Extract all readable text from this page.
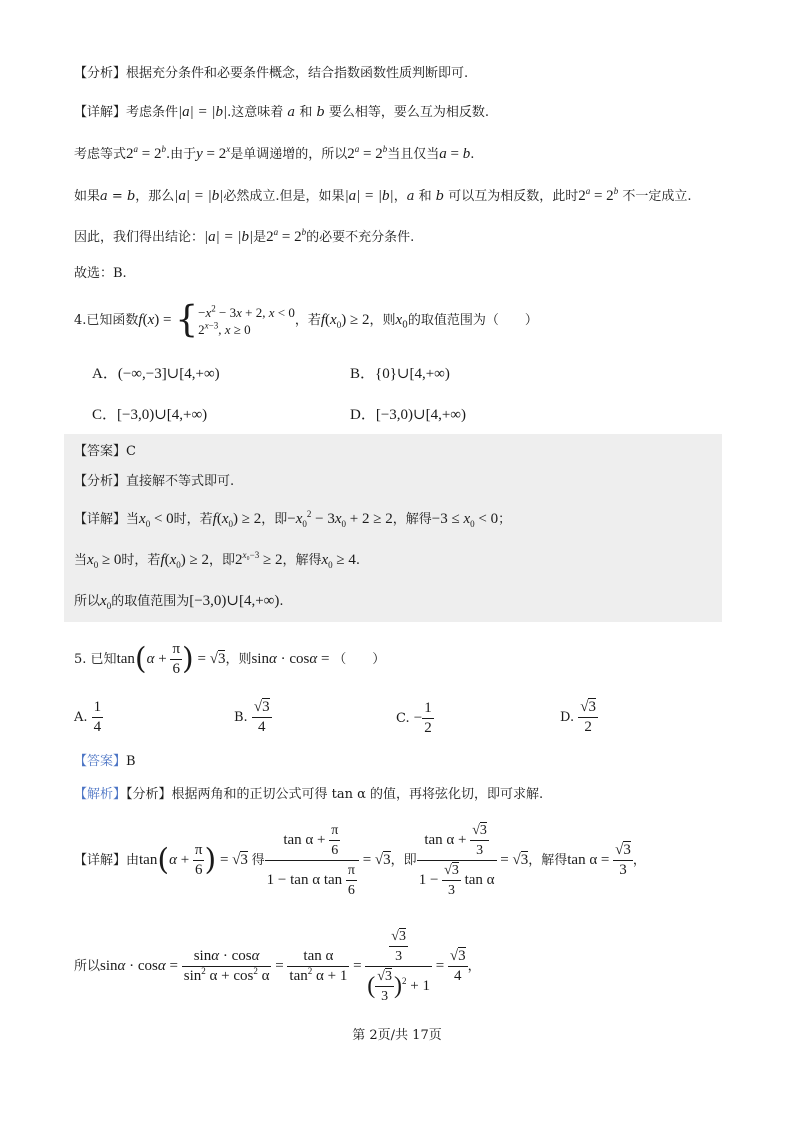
【分析】根据充分条件和必要条件概念，结合指数函数性质判断即可.
【详解】考虑条件|a| = |b|.这意味着 a 和 b 要么相等，要么互为相反数.
考虑等式$2^a = 2^b$.由于$y = 2^x$是单调递增的，所以$2^a = 2^b$当且仅当a = b.
如果a = b，那么|a| = |b|必然成立.但是，如果|a| = |b|，a 和 b 可以互为相反数，此时$2^a = 2^b$ 不一定成立.
因此，我们得出结论：|a| = |b|是$2^a = 2^b$的必要不充分条件.
故选：B.
4.已知函数f(x) = { $-x^2 - 3x + 2$, x < 0
$2^{x-3}$, x ≥ 0
，若$f(x_0) \ge 2$，则$x_0$的取值范围为（　　）
A．(−∞,−3]∪[4,+∞)	B．{0}∪[4,+∞)
C．[−3,0)∪[4,+∞)	D．[−3,0)∪[4,+∞)
【答案】C
【分析】直接解不等式即可.
【详解】当$x_0 < 0$时，若$f(x_0) \ge 2$，即$-x_0^2 - 3x_0 + 2 \ge 2$，解得$-3 \le x_0 < 0$；
当$x_0 \ge 0$时，若$f(x_0) \ge 2$，即$2^{x_0-3} \ge 2$，解得$x_0 \ge 4$.
所以$x_0$的取值范围为[−3,0)∪[4,+∞).
5. 已知$\tan(\alpha + \frac{\pi}{6}$ ) = √3，则sinα · cosα = （　　）
A. $\frac{1}{4}$	B. $\frac{√3}{4}$	C. − $\frac{1}{2}$	D. $\frac{√3}{2}$
【答案】B
【解析】【分析】根据两角和的正切公式可得 tan α 的值，再将弦化切，即可求解.
【详解】由$\tan(\alpha + \frac{\pi}{6}$ ) = √3 得 $\frac{\tan \alpha + \frac{\pi}{6}}{1 - \tan \alpha \tan \frac{\pi}{6}} = √3$，即 $\frac{\tan \alpha + \frac{√3}{3}}{1 - \frac{√3}{3} \tan \alpha} = √3$，解得$\tan \alpha = \frac{√3}{3}$ ，
所以$\sin\alpha \cdot \cos\alpha = \frac{\sin\alpha \cdot \cos\alpha}{\sin^2 \alpha + \cos^2 \alpha} = \frac{\text{tan α}}{\tan^2 \alpha + 1} = \frac{\frac{√3}{3}}{( \frac{√3}{3} )^2 + 1} = \frac{√3}{4}$ ，
第 2页/共 17页
